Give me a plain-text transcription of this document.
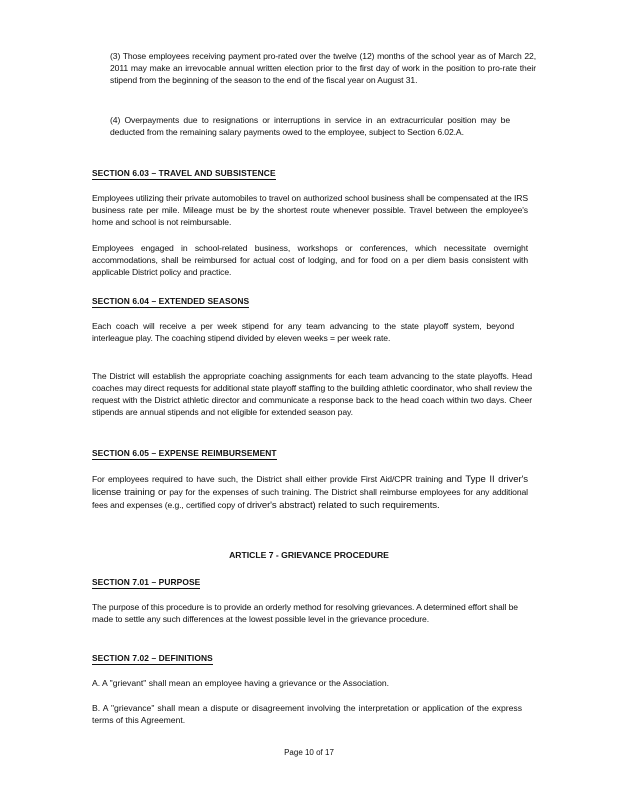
(3) Those employees receiving payment pro-rated over the twelve (12) months of the school year as of March 22, 2011 may make an irrevocable annual written election prior to the first day of work in the position to pro-rate their stipend from the beginning of the season to the end of the fiscal year on August 31.

(4) Overpayments due to resignations or interruptions in service in an extracurricular position may be deducted from the remaining salary payments owed to the employee, subject to Section 6.02.A.

SECTION 6.03 – TRAVEL AND SUBSISTENCE

Employees utilizing their private automobiles to travel on authorized school business shall be compensated at the IRS business rate per mile. Mileage must be by the shortest route whenever possible. Travel between the employee's home and school is not reimbursable.

Employees engaged in school-related business, workshops or conferences, which necessitate overnight accommodations, shall be reimbursed for actual cost of lodging, and for food on a per diem basis consistent with applicable District policy and practice.

SECTION 6.04 – EXTENDED SEASONS

Each coach will receive a per week stipend for any team advancing to the state playoff system, beyond interleague play. The coaching stipend divided by eleven weeks = per week rate.

The District will establish the appropriate coaching assignments for each team advancing to the state playoffs. Head coaches may direct requests for additional state playoff staffing to the building athletic coordinator, who shall review the request with the District athletic director and communicate a response back to the head coach within two days. Cheer stipends are annual stipends and not eligible for extended season pay.

SECTION 6.05 – EXPENSE REIMBURSEMENT

For employees required to have such, the District shall either provide First Aid/CPR training and Type II driver's license training or pay for the expenses of such training. The District shall reimburse employees for any additional fees and expenses (e.g., certified copy of driver's abstract) related to such requirements.

ARTICLE 7 - GRIEVANCE PROCEDURE
SECTION 7.01 – PURPOSE

The purpose of this procedure is to provide an orderly method for resolving grievances. A determined effort shall be made to settle any such differences at the lowest possible level in the grievance procedure.

SECTION 7.02 – DEFINITIONS

A. A "grievant" shall mean an employee having a grievance or the Association.

B. A "grievance" shall mean a dispute or disagreement involving the interpretation or application of the express terms of this Agreement.

Page 10 of 17
